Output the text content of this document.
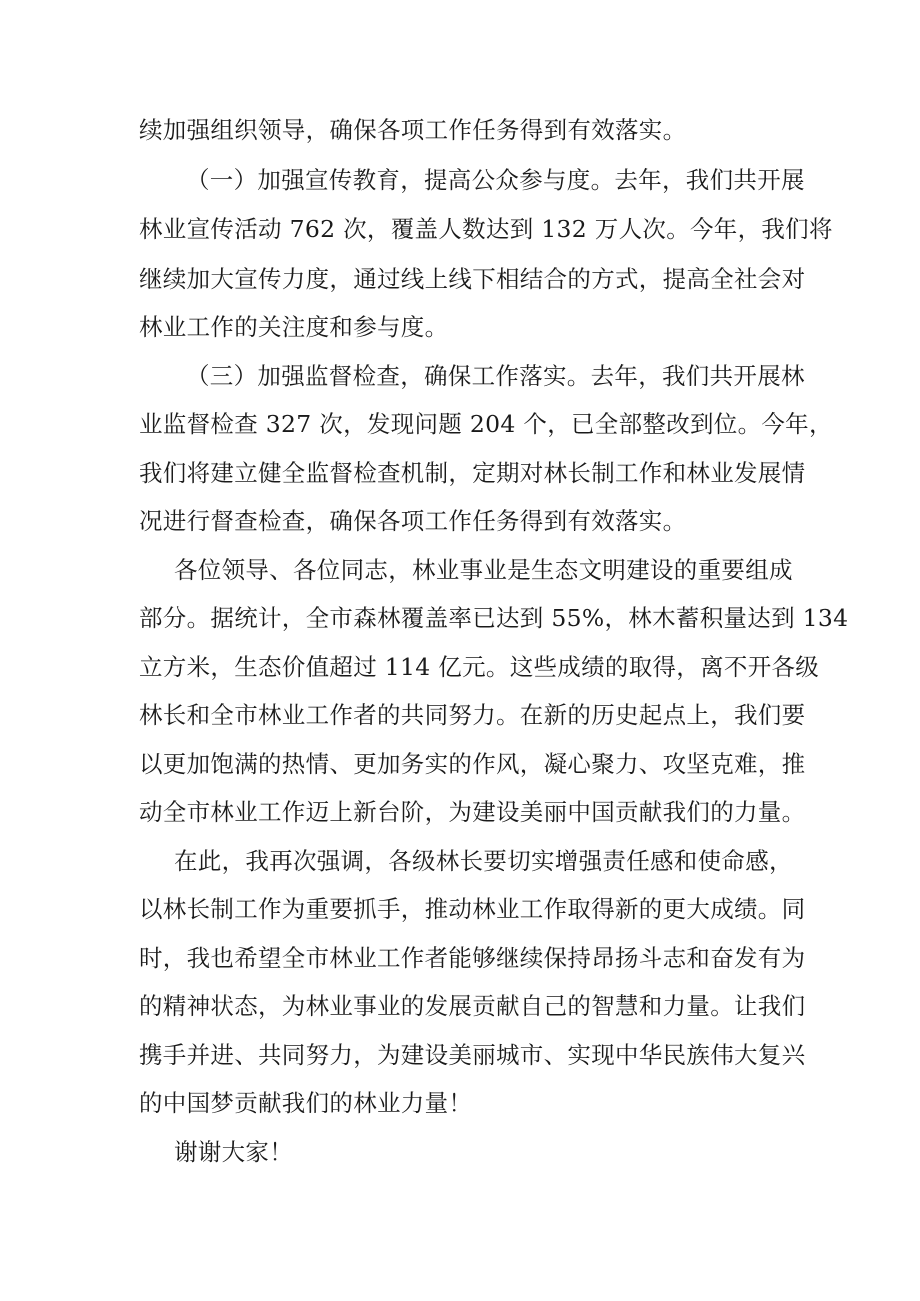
续加强组织领导，确保各项工作任务得到有效落实。
（一）加强宣传教育，提高公众参与度。去年，我们共开展
林业宣传活动 762 次，覆盖人数达到 132 万人次。今年，我们将
继续加大宣传力度，通过线上线下相结合的方式，提高全社会对
林业工作的关注度和参与度。
（三）加强监督检查，确保工作落实。去年，我们共开展林
业监督检查 327 次，发现问题 204 个，已全部整改到位。今年，
我们将建立健全监督检查机制，定期对林长制工作和林业发展情
况进行督查检查，确保各项工作任务得到有效落实。
各位领导、各位同志，林业事业是生态文明建设的重要组成
部分。据统计，全市森林覆盖率已达到 55%，林木蓄积量达到 134
立方米，生态价值超过 114 亿元。这些成绩的取得，离不开各级
林长和全市林业工作者的共同努力。在新的历史起点上，我们要
以更加饱满的热情、更加务实的作风，凝心聚力、攻坚克难，推
动全市林业工作迈上新台阶，为建设美丽中国贡献我们的力量。
在此，我再次强调，各级林长要切实增强责任感和使命感，
以林长制工作为重要抓手，推动林业工作取得新的更大成绩。同
时，我也希望全市林业工作者能够继续保持昂扬斗志和奋发有为
的精神状态，为林业事业的发展贡献自己的智慧和力量。让我们
携手并进、共同努力，为建设美丽城市、实现中华民族伟大复兴
的中国梦贡献我们的林业力量！
谢谢大家！
